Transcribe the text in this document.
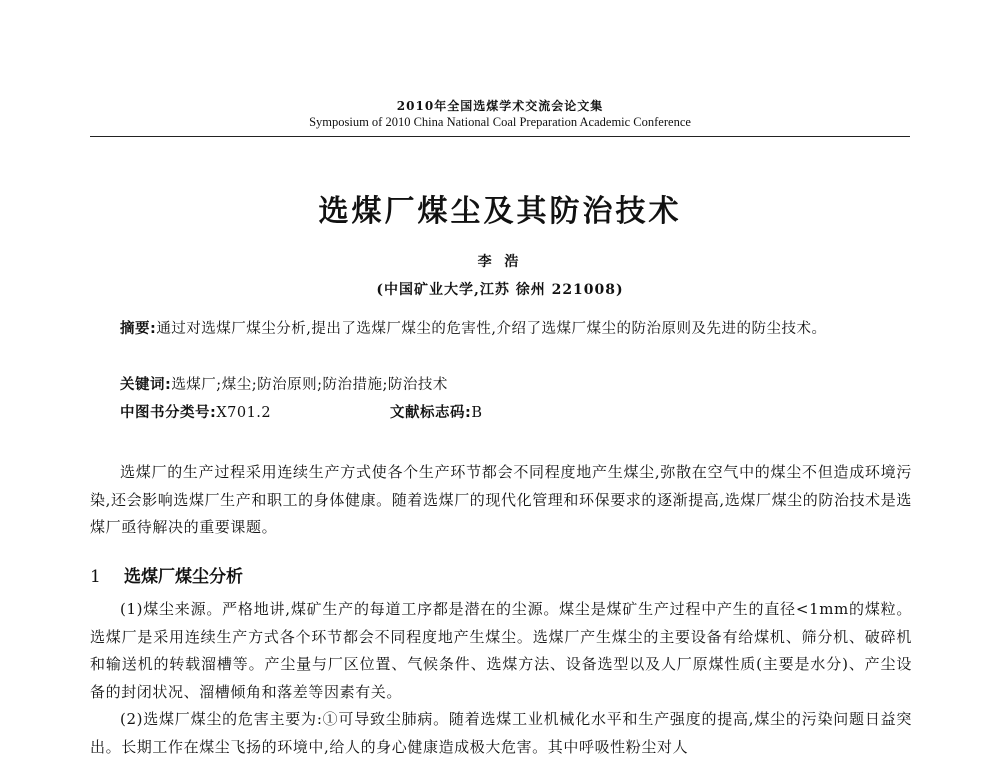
2010年全国选煤学术交流会论文集
Symposium of 2010 China National Coal Preparation Academic Conference
选煤厂煤尘及其防治技术
李 浩
(中国矿业大学,江苏 徐州 221008)
摘要:通过对选煤厂煤尘分析,提出了选煤厂煤尘的危害性,介绍了选煤厂煤尘的防治原则及先进的防尘技术。
关键词:选煤厂;煤尘;防治原则;防治措施;防治技术
中图书分类号:X701.2	文献标志码:B
选煤厂的生产过程采用连续生产方式使各个生产环节都会不同程度地产生煤尘,弥散在空气中的煤尘不但造成环境污染,还会影响选煤厂生产和职工的身体健康。随着选煤厂的现代化管理和环保要求的逐渐提高,选煤厂煤尘的防治技术是选煤厂亟待解决的重要课题。
1 选煤厂煤尘分析
(1)煤尘来源。严格地讲,煤矿生产的每道工序都是潜在的尘源。煤尘是煤矿生产过程中产生的直径<1mm的煤粒。选煤厂是采用连续生产方式各个环节都会不同程度地产生煤尘。选煤厂产生煤尘的主要设备有给煤机、筛分机、破碎机和输送机的转载溜槽等。产尘量与厂区位置、气候条件、选煤方法、设备选型以及人厂原煤性质(主要是水分)、产尘设备的封闭状况、溜槽倾角和落差等因素有关。
(2)选煤厂煤尘的危害主要为:①可导致尘肺病。随着选煤工业机械化水平和生产强度的提高,煤尘的污染问题日益突出。长期工作在煤尘飞扬的环境中,给人的身心健康造成极大危害。其中呼吸性粉尘对人
